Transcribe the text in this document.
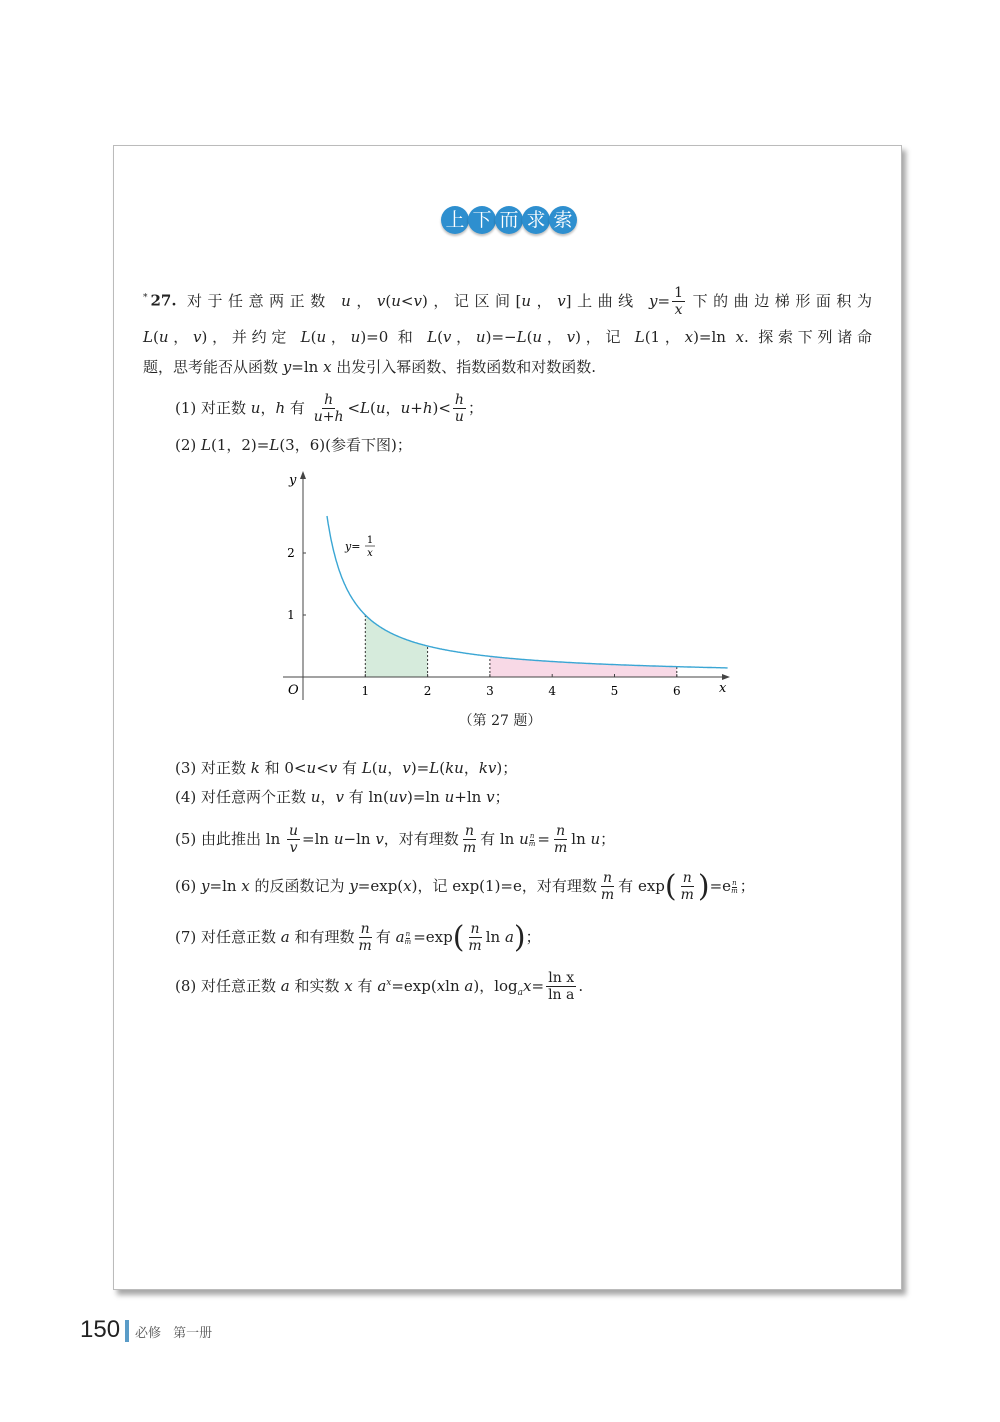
上 下 而 求 索
* 27. 对于任意两正数 u，v(u<v)，记区间[u，v]上曲线 $y= \frac{1}{x}$ 下的曲边梯形面积为
L(u，v)，并约定 L(u，u)=0 和 L(v，u)=−L(u，v)，记 L(1，x)=ln x. 探索下列诸命
题，思考能否从函数 y=ln x 出发引入幂函数、指数函数和对数函数.
(1) 对正数 u，h 有 $\frac{h}{u+h} <L(u$，$u+h)< \frac{h}{u}$ ；
(2) L(1，2)=L(3，6)(参看下图)；
1	2	3	4	5	6
1
2
O	x
y
y= 1
x
（第 27 题）
(3) 对正数 k 和 0<u<v 有 L(u，v)=L(ku，kv)；
(4) 对任意两个正数 u，v 有 ln(uv)=ln u+ln v；
(5) 由此推出 $\ln \frac{u}{v} =\ln$ u−ln v，对有理数 $\frac{n}{m}$ 有 ln u $\frac{n}{m} = \frac{n}{m}$ ln u；
(6) y=ln x 的反函数记为 y=exp(x)，记 exp(1)=e，对有理数 $\frac{n}{m}$ 有 $\exp( \frac{n}{m} )=e \frac{n}{m}$ ；
(7) 对任意正数 a 和有理数 $\frac{n}{m}$ 有 a $\frac{n}{m} =\exp( \frac{n}{m}$ ln a)；
(8) 对任意正数 a 和实数 x 有 $a^x=\exp(xln$ a)，$\log_ax= \frac{\text{ln x}}{\text{ln a}}$ .
150 必修 第一册
